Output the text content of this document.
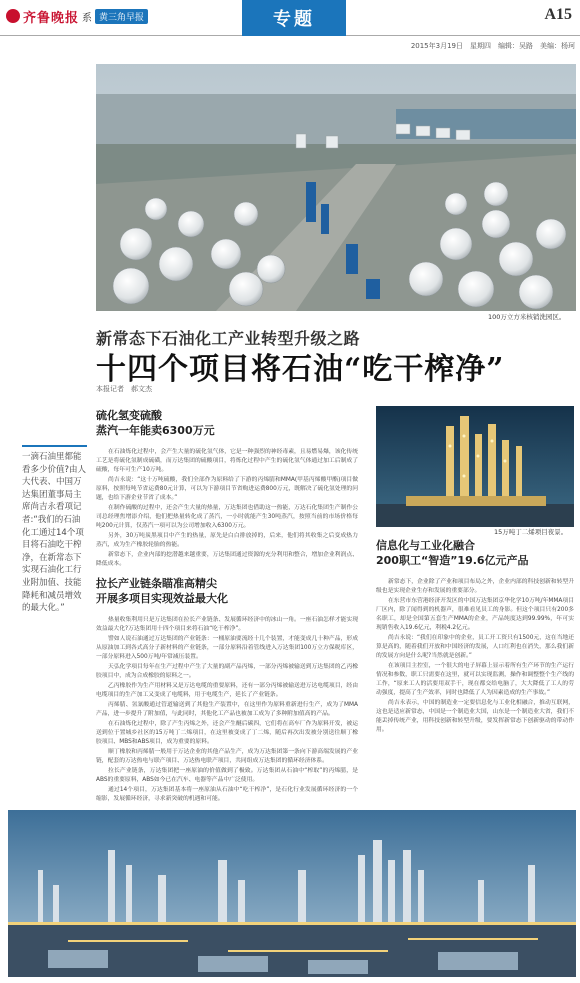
齐鲁晚报 系 黄三角早报	专题	A15
2015年3月19日　星期四　编辑：吴路　美编：杨珂
100万立方米核销洗园区。
新常态下石油化工产业转型升级之路
十四个项目将石油“吃干榨净”
本报记者　郝文杰
一滴石油里都能看多少价值?由人大代表、中国万达集团董事局主席尚吉永看项记者:“我们的石油化工通过14个项目将石油吃干榨净，在新常态下实现石油化工行业附加值、技能降耗和减员增效的最大化。”
硫化氢变硫酸
蒸汽一年能卖6300万元

在石油炼化过程中，会产生大量的硫化氢气体，它是一种强烈的神经毒素，且易燃易爆，该化传统工艺是将硫化氢制成硫磺，而万达集团的硫酸项目，将炼化过程中产生的硫化氢气体通过加工后制成了硫酸，每年可生产10万吨。

尚吉永说：“这十万吨硫酸，我们全部作为原料给了下游的丙烯腈和MMA(甲基丙烯酸甲酯)项目做原料，按照每吨节省运费80元计算，可以为下游项目节省购进运费800万元，既解决了硫化氢处理的问题，也给下游企业节省了成本。”

在制作硫酸的过程中，还会产生大量的热量，万达集团也借助这一热能，万达石化集团生产制作公司总经理焦增添介绍，他们把热量转化成了蒸汽，一小时就能产生30吨蒸汽，按照当前的市场价格每吨200元计算，仅蒸汽一项可以为公司增加收入6300万元。

另外，30万吨炭黑项目中产生的热量，原先是白白排放掉的，后来，他们将其收集之后变成热力蒸汽，成为生产橡胶轮胎的热能。

新常态下，企业内部的挖潜越来越重要，万达集团通过资源的充分利用和整合，增加企业利润点、降低成本。

拉长产业链条瞄准高精尖
开展多项目实现效益最大化

热量收集利用只是万达集团在拉长产业链条、发展循环经济中的冰山一角。一座石油怎样才能实现效益最大化?万达集团用十四个项目来将石油“吃干榨净”。

譬如人说石油通过万达集团的产业链条：一桶原油要流经十几个装置，才能变成几十种产品，形成从原油加工到各式高分子新材料的产业链条，一部分原料沿着管线进入万达集团100万立方保税库区，一部分原料进入500万吨/年常减压装置。

天弘化学项目每年在生产过程中产生了大量的副产品丙烯，一部分丙烯被输送到万达集团的乙丙橡胶项目中，成为合成橡胶的原料之一。

乙丙橡胶作为生产用材料又是万达电缆的重要原料，还有一部分丙烯被输送进万达电缆项目，经由电缆项目的生产加工又变成了电缆料，用于电缆生产，延长了产业链条。

丙烯腈、氢氰酸通过管道输送到了其他生产装置中，在这里作为原料重新进行生产，成为了MMA产品，进一步提升了附加值，与此同时，其他化工产品也被加工成为了多种附加值高的产品。

在石油炼化过程中，除了产生丙烯之外，还会产生醚后碳四，它们将在高车厂作为原料开发，被运送到位于置城乡社区的15万吨丁二烯项目，在这里被变成了丁二烯，随后再次出发被分别送往顺丁橡胶项目、MBS和ABS项目，成为重要的原料。

顺丁橡胶和丙烯腈一般用于万达企业的其他产品生产，成为万达集团第一条向下游高端发展的产业链，配套的万达热电与联产项目、万达热电联产项目，共同组成万达集团的循环经济体系。

拉长产业链条，万达集团把一座原油的价值做到了极致。万达集团从石油中“榨取”的丙烯腈，是ABS的重要原料，ABS如今已在汽车、电器等产品中广泛使用。

通过14个项目，万达集团基本将一座原油从石油中“吃干榨净”，是石化行业发展循环经济的一个缩影，发展循环经济，寻求新突破的机遇和可能。

15万吨丁二烯项目夜景。
信息化与工业化融合
200职工“智造”19.6亿元产品

新常态下，企业除了产业和项目布局之外，企业内部的科技创新和转型升级也是实现企业生存和发展的重要部分。

在东营市东营港经济开发区的中国万达集团京华化学10万吨/年MMA项目厂区内，除了闻得到的机器声，很难看见员工的身影。但这个项目只有200多名职工，却是全国第五套生产MMA的企业，产品纯度达到99.99%，年可实现销售收入19.6亿元，利税4.2亿元。

尚吉永说：“我们在印象中的企业，员工开工资只有1500元，这在当地还算是高的，随着我们开放和中国经济的发展，人口红利也在消失，那么我们新的发展方向是什么呢?当然就是创新。”

在该项目主控室，一个很大的电子屏幕上显示着所有生产环节的生产运行情况和参数，职工只需要在这里，就可以实现监测，操作和调整整个生产线的工作，“原来工人的活要用双手干，现在都交给电脑了，大大降低了工人的劳动强度，提高了生产效率，同时也降低了人为因素造成的生产事故。”

尚吉永表示，中国的制造业一定要信息化与工业化相融合，推动互联网，这也是适应新常态，中国是一个制造业大国，山东是一个制造业大省，我们不能丢掉传统产业，用科技创新和转型升级，要发挥新常态下创新驱动的带动作用。
